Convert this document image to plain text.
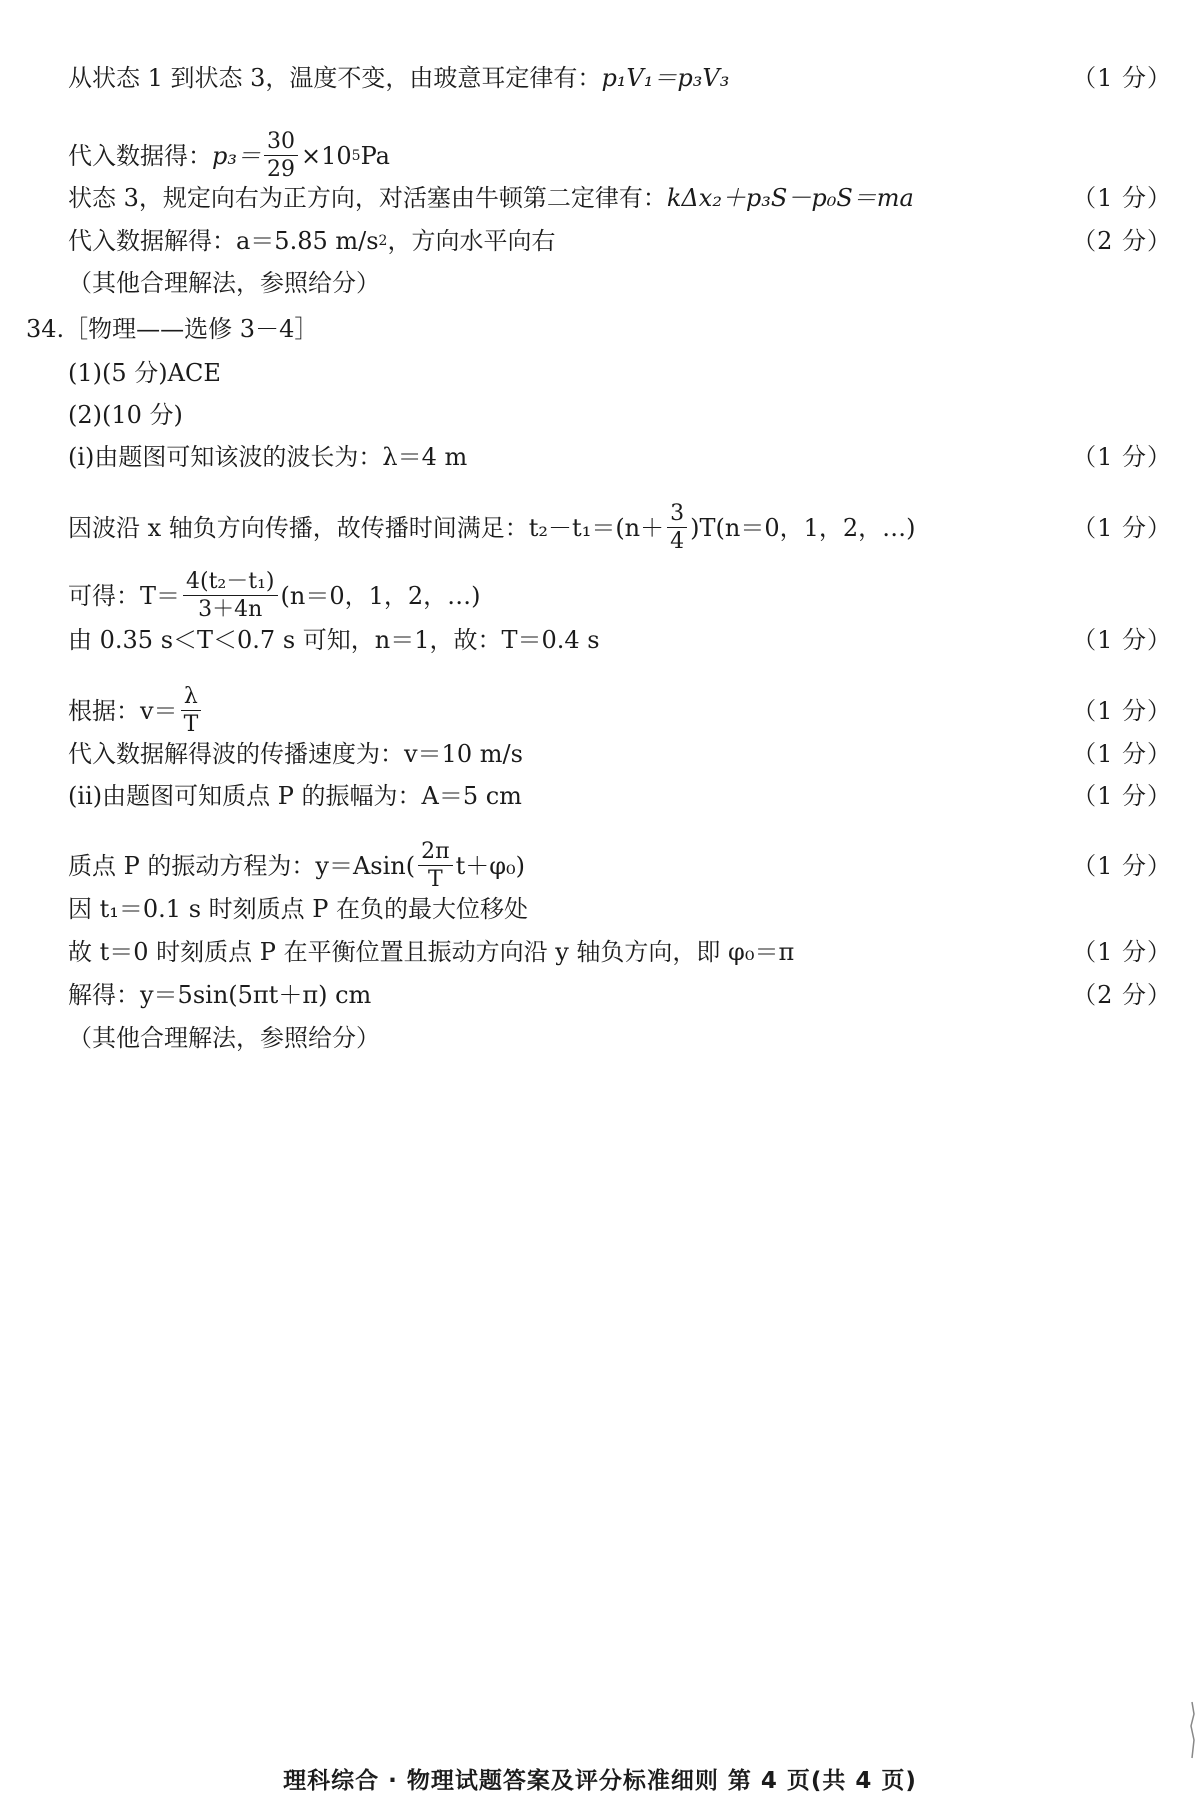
从状态 1 到状态 3，温度不变，由玻意耳定律有： p₁V₁＝p₃V₃	（1 分）
代入数据得： $p_3= \frac{30}{29} \times 10$ 5 Pa
状态 3，规定向右为正方向，对活塞由牛顿第二定律有： kΔx₂＋p₃S－p₀S＝ma	（1 分）
代入数据解得： a＝5.85 m/s 2 ，方向水平向右	（2 分）
（其他合理解法，参照给分）
34.［物理——选修 3－4］
(1)(5 分)ACE
(2)(10 分)
(ⅰ)由题图可知该波的波长为：λ＝4 m	（1 分）
因波沿 x 轴负方向传播，故传播时间满足：$t_2-t_1=(n+ \frac{3}{4} )T(n=0$，1，2，…)	（1 分）
可得：$T= \frac{\text{4(t₂－t₁)}}{3+4n} (n=0$，1，2，…)
由 0.35 s＜T＜0.7 s 可知，n＝1，故：T＝0.4 s	（1 分）
根据：$v= \frac{\lambda}{T}$	（1 分）
代入数据解得波的传播速度为：v＝10 m/s	（1 分）
(ⅱ)由题图可知质点 P 的振幅为：A＝5 cm	（1 分）
质点 P 的振动方程为：$y=Asin( \frac{2\pi}{T} t+\varphi_0)$	（1 分）
因 t₁＝0.1 s 时刻质点 P 在负的最大位移处
故 t＝0 时刻质点 P 在平衡位置且振动方向沿 y 轴负方向，即 φ₀＝π	（1 分）
解得：y＝5sin(5πt＋π) cm	（2 分）
（其他合理解法，参照给分）
理科综合 · 物理试题答案及评分标准细则 第 4 页(共 4 页)
